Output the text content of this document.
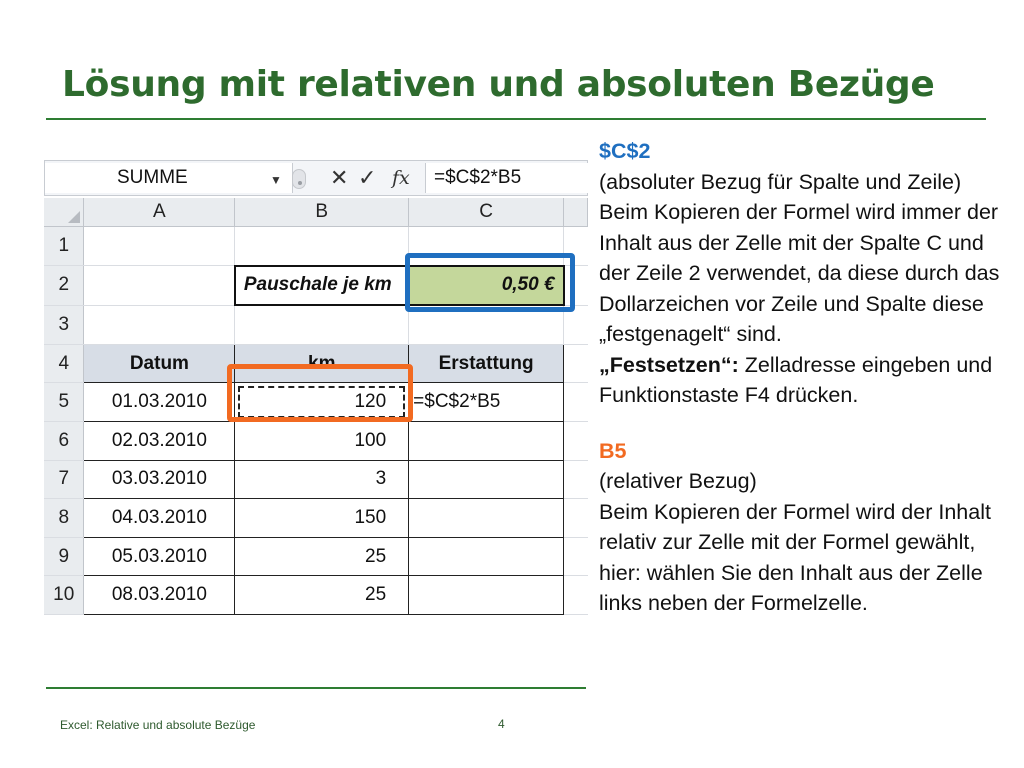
Lösung mit relativen und absoluten Bezüge
SUMME	▼ ✕ ✓ fx =$C$2*B5
	A	B	C	
1				
2		Pauschale je km	0,50 €	
3				
4	Datum	km	Erstattung	
5	01.03.2010	120	=$C$2*B5	
6	02.03.2010	100		
7	03.03.2010	3		
8	04.03.2010	150		
9	05.03.2010	25		
10	08.03.2010	25		

$C$2

(absoluter Bezug für Spalte und Zeile)

Beim Kopieren der Formel wird immer der Inhalt aus der Zelle mit der Spalte C und der Zeile 2 verwendet, da diese durch das Dollarzeichen vor Zeile und Spalte diese „festgenagelt“ sind.

„Festsetzen“: Zelladresse eingeben und Funktionstaste F4 drücken.

B5

(relativer Bezug)

Beim Kopieren der Formel wird der Inhalt relativ zur Zelle mit der Formel gewählt, hier: wählen Sie den Inhalt aus der Zelle links neben der Formelzelle.

Excel: Relative und absolute Bezüge	4
